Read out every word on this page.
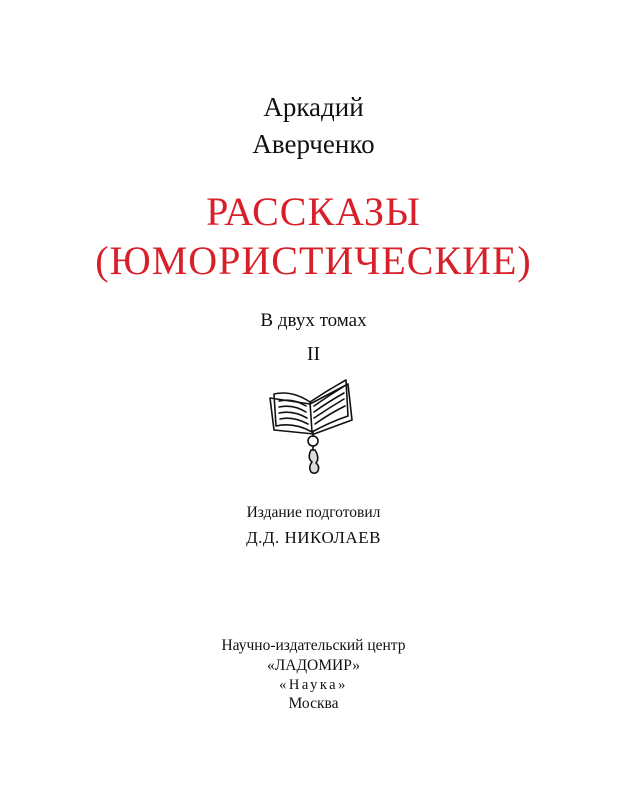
Аркадий
Аверченко
РАССКАЗЫ
(ЮМОРИСТИЧЕСКИЕ)
В двух томах
II
Издание подготовил
Д.Д. НИКОЛАЕВ
Научно-издательский центр
«ЛАДОМИР»
«Наука»
Москва
